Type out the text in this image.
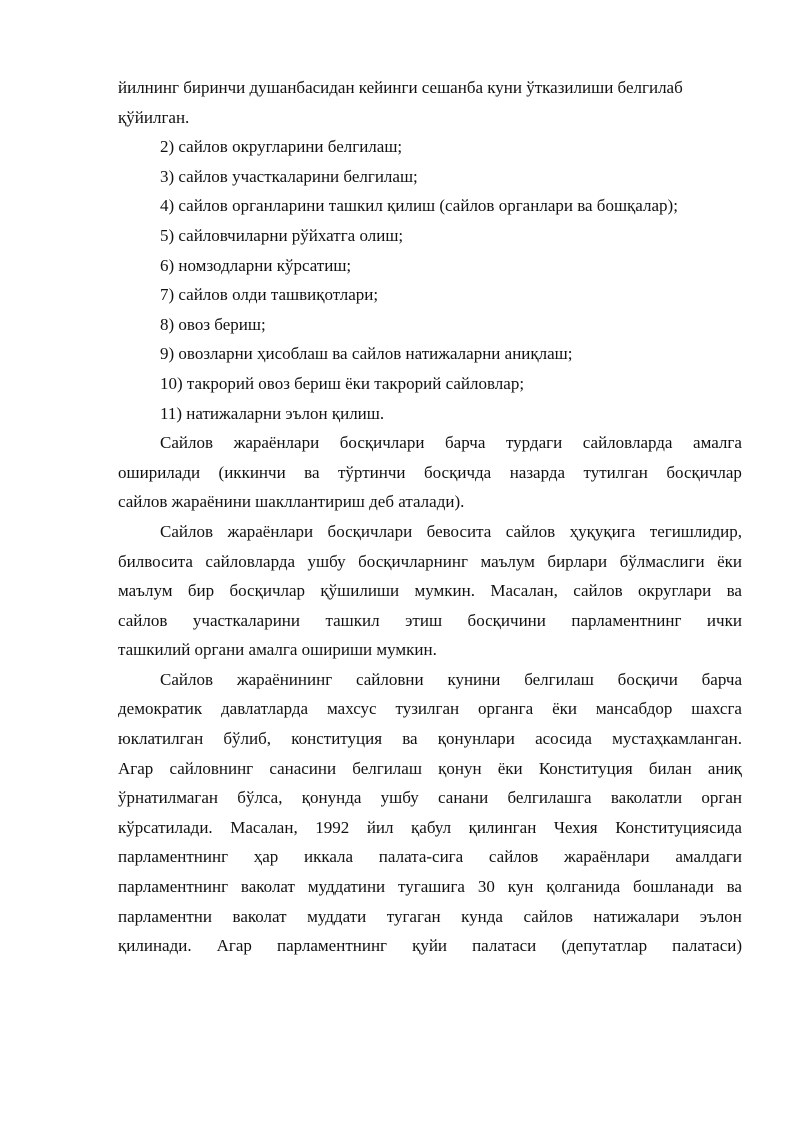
йилнинг биринчи душанбасидан кейинги сешанба куни ўтказилиши белгилаб
қўйилган.
2) сайлов округларини белгилаш;
3) сайлов участкаларини белгилаш;
4) сайлов органларини ташкил қилиш (сайлов органлари ва бошқалар);
5) сайловчиларни рўйхатга олиш;
6) номзодларни кўрсатиш;
7) сайлов олди ташвиқотлари;
8) овоз бериш;
9) овозларни ҳисоблаш ва сайлов натижаларни аниқлаш;
10) такрорий овоз бериш ёки такрорий сайловлар;
11) натижаларни эълон қилиш.
Сайлов жараёнлари босқичлари барча турдаги сайловларда амалга
оширилади (иккинчи ва тўртинчи босқичда назарда тутилган босқичлар
сайлов жараёнини шакллантириш деб аталади).
Сайлов жараёнлари босқичлари бевосита сайлов ҳуқуқига тегишлидир,
билвосита сайловларда ушбу босқичларнинг маълум бирлари бўлмаслиги ёки
маълум бир босқичлар қўшилиши мумкин. Масалан, сайлов округлари ва
сайлов участкаларини ташкил этиш босқичини парламентнинг ички
ташкилий органи амалга ошириши мумкин.
Сайлов жараёнининг сайловни кунини белгилаш босқичи барча
демократик давлатларда махсус тузилган органга ёки мансабдор шахсга
юклатилган бўлиб, конституция ва қонунлари асосида мустаҳкамланган.
Агар сайловнинг санасини белгилаш қонун ёки Конституция билан аниқ
ўрнатилмаган бўлса, қонунда ушбу санани белгилашга ваколатли орган
кўрсатилади. Масалан, 1992 йил қабул қилинган Чехия Конституциясида
парламентнинг ҳар иккала палата-сига сайлов жараёнлари амалдаги
парламентнинг ваколат муддатини тугашига 30 кун қолганида бошланади ва
парламентни ваколат муддати тугаган кунда сайлов натижалари эълон
қилинади. Агар парламентнинг қуйи палатаси (депутатлар палатаси)
